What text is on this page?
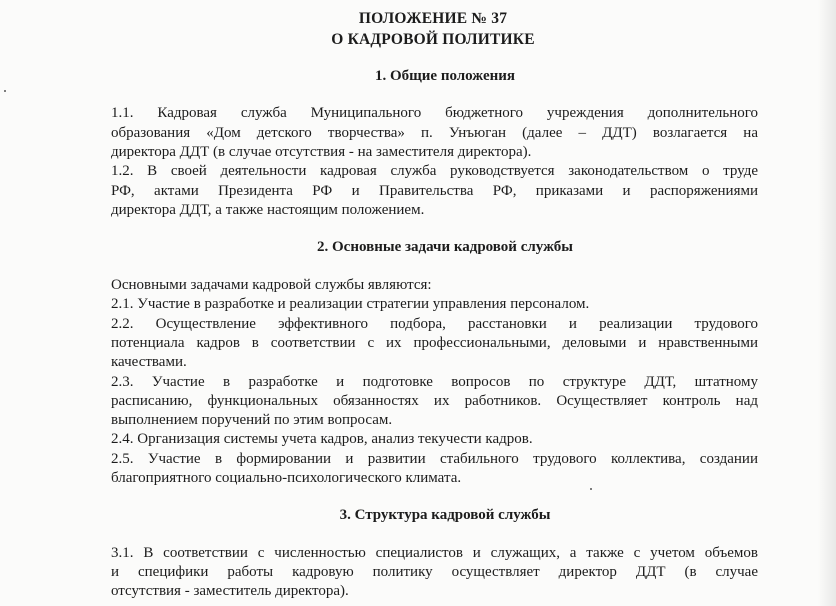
ПОЛОЖЕНИЕ № 37
О КАДРОВОЙ ПОЛИТИКЕ
1. Общие положения
1.1. Кадровая служба Муниципального бюджетного учреждения дополнительного
образования «Дом детского творчества» п. Унъюган (далее – ДДТ) возлагается на
директора ДДТ (в случае отсутствия - на заместителя директора).
1.2. В своей деятельности кадровая служба руководствуется законодательством о труде
РФ, актами Президента РФ и Правительства РФ, приказами и распоряжениями
директора ДДТ, а также настоящим положением.
2. Основные задачи кадровой службы
Основными задачами кадровой службы являются:
2.1. Участие в разработке и реализации стратегии управления персоналом.
2.2. Осуществление эффективного подбора, расстановки и реализации трудового
потенциала кадров в соответствии с их профессиональными, деловыми и нравственными
качествами.
2.3. Участие в разработке и подготовке вопросов по структуре ДДТ, штатному
расписанию, функциональных обязанностях их работников. Осуществляет контроль над
выполнением поручений по этим вопросам.
2.4. Организация системы учета кадров, анализ текучести кадров.
2.5. Участие в формировании и развитии стабильного трудового коллектива, создании
благоприятного социально-психологического климата.
3. Структура кадровой службы
3.1. В соответствии с численностью специалистов и служащих, а также с учетом объемов
и специфики работы кадровую политику осуществляет директор ДДТ (в случае
отсутствия - заместитель директора).
